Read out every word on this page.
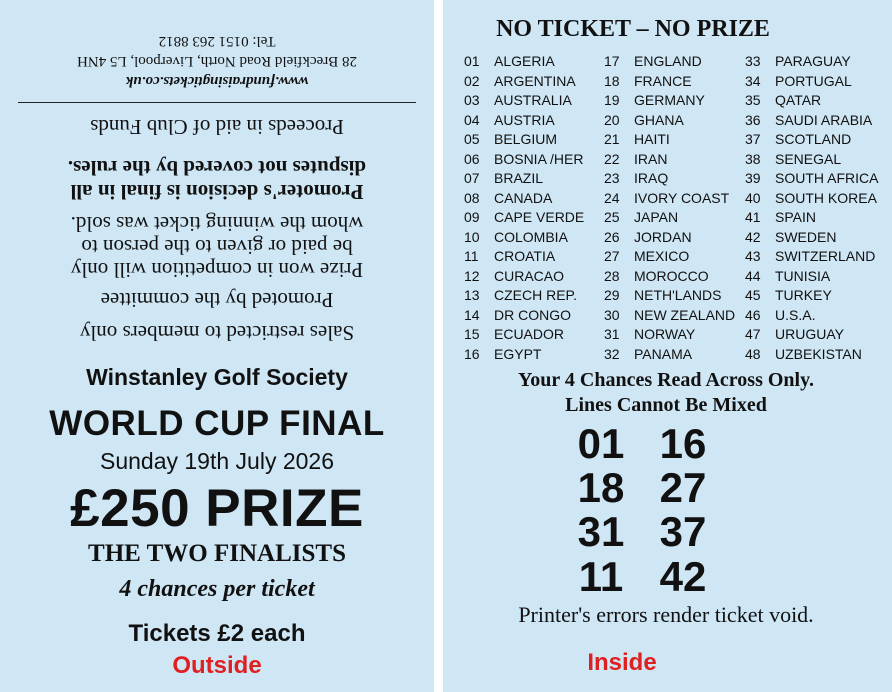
Sales restricted to members only
Promoted by the committee
Prize won in competition will only
be paid or given to the person to
whom the winning ticket was sold.
Promoter's decision is final in all
disputes not covered by the rules.
Proceeds in aid of Club Funds
www.fundraisingtickets.co.uk
28 Breckfield Road North, Liverpool, L5 4NH
Tel: 0151 263 8812
Winstanley Golf Society
WORLD CUP FINAL
Sunday 19th July 2026
£250 PRIZE
THE TWO FINALISTS
4 chances per ticket
Tickets £2 each
Outside
NO TICKET – NO PRIZE
01 ALGERIA
02 ARGENTINA
03 AUSTRALIA
04 AUSTRIA
05 BELGIUM
06 BOSNIA /HER
07 BRAZIL
08 CANADA
09 CAPE VERDE
10 COLOMBIA
11 CROATIA
12 CURACAO
13 CZECH REP.
14 DR CONGO
15 ECUADOR
16 EGYPT
17 ENGLAND
18 FRANCE
19 GERMANY
20 GHANA
21 HAITI
22 IRAN
23 IRAQ
24 IVORY COAST
25 JAPAN
26 JORDAN
27 MEXICO
28 MOROCCO
29 NETH'LANDS
30 NEW ZEALAND
31 NORWAY
32 PANAMA
33 PARAGUAY
34 PORTUGAL
35 QATAR
36 SAUDI ARABIA
37 SCOTLAND
38 SENEGAL
39 SOUTH AFRICA
40 SOUTH KOREA
41 SPAIN
42 SWEDEN
43 SWITZERLAND
44 TUNISIA
45 TURKEY
46 U.S.A.
47 URUGUAY
48 UZBEKISTAN
Your 4 Chances Read Across Only.
Lines Cannot Be Mixed
01 16
18 27
31 37
11 42
Printer's errors render ticket void.
Inside
